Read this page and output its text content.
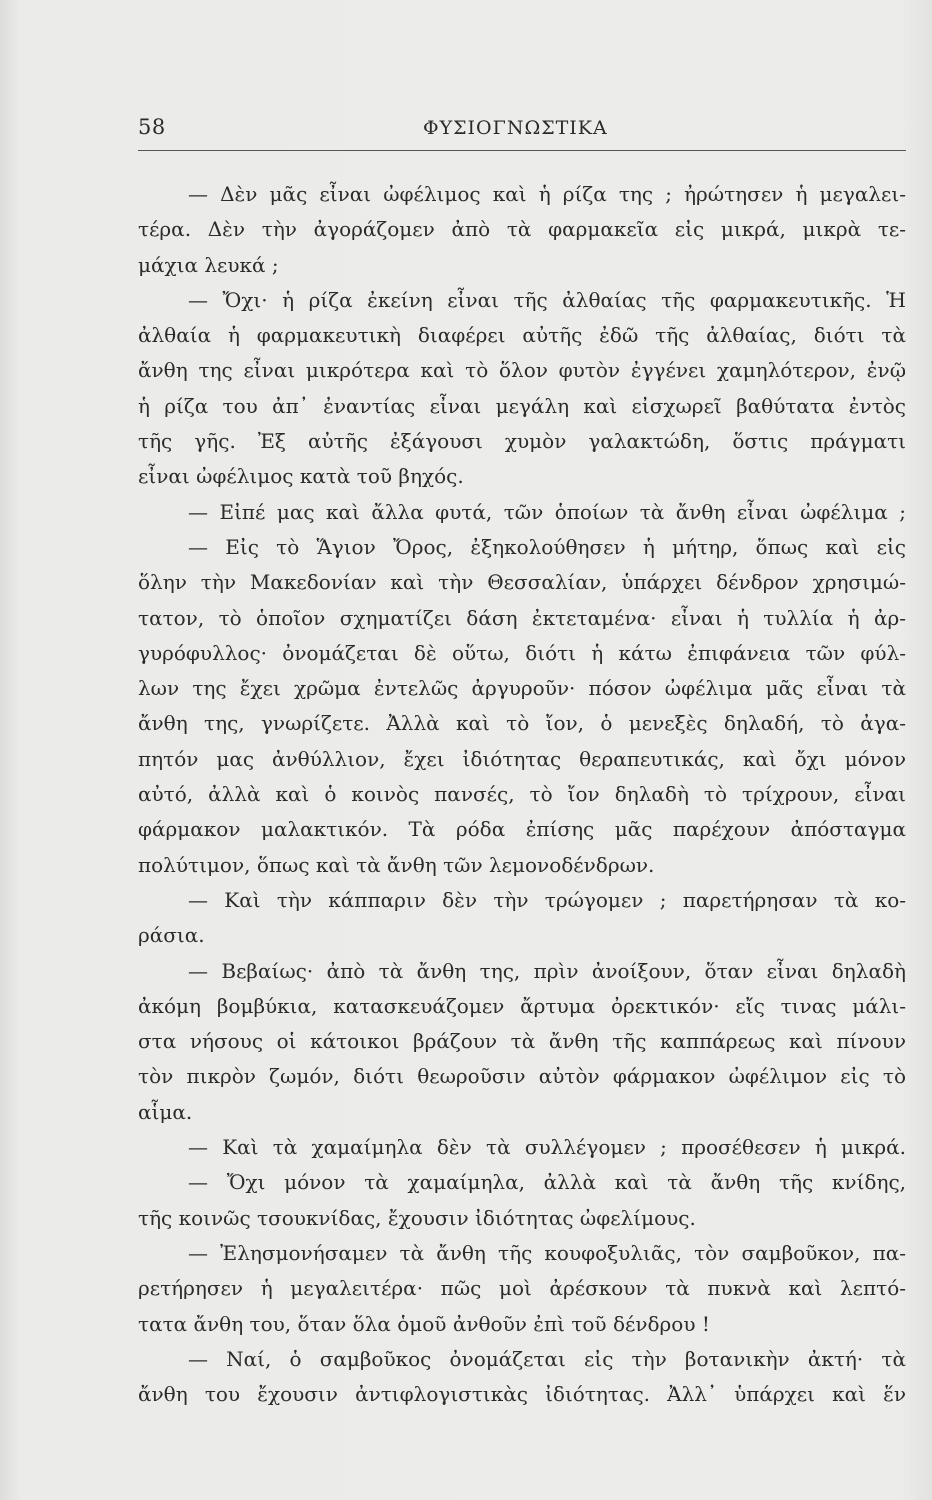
58	ΦΥΣΙΟΓΝΩΣΤΙΚΑ
— Δὲν μᾶς εἶναι ὠφέλιμος καὶ ἡ ρίζα της ; ἠρώτησεν ἡ μεγαλει-
τέρα. Δὲν τὴν ἀγοράζομεν ἀπὸ τὰ φαρμακεῖα εἰς μικρά, μικρὰ τε-
μάχια λευκά ;
— Ὄχι· ἡ ρίζα ἐκείνη εἶναι τῆς ἀλθαίας τῆς φαρμακευτικῆς. Ἡ
ἀλθαία ἡ φαρμακευτικὴ διαφέρει αὐτῆς ἐδῶ τῆς ἀλθαίας, διότι τὰ
ἄνθη της εἶναι μικρότερα καὶ τὸ ὅλον φυτὸν ἐγγένει χαμηλότερον, ἐνῷ
ἡ ρίζα του ἀπ᾽ ἐναντίας εἶναι μεγάλη καὶ εἰσχωρεῖ βαθύτατα ἐντὸς
τῆς γῆς. Ἐξ αὐτῆς ἐξάγουσι χυμὸν γαλακτώδη, ὅστις πράγματι
εἶναι ὠφέλιμος κατὰ τοῦ βηχός.
— Εἰπέ μας καὶ ἄλλα φυτά, τῶν ὁποίων τὰ ἄνθη εἶναι ὠφέλιμα ;
— Εἰς τὸ Ἅγιον Ὄρος, ἐξηκολούθησεν ἡ μήτηρ, ὅπως καὶ εἰς
ὅλην τὴν Μακεδονίαν καὶ τὴν Θεσσαλίαν, ὑπάρχει δένδρον χρησιμώ-
τατον, τὸ ὁποῖον σχηματίζει δάση ἐκτεταμένα· εἶναι ἡ τυλλία ἡ ἀρ-
γυρόφυλλος· ὀνομάζεται δὲ οὕτω, διότι ἡ κάτω ἐπιφάνεια τῶν φύλ-
λων της ἔχει χρῶμα ἐντελῶς ἀργυροῦν· πόσον ὠφέλιμα μᾶς εἶναι τὰ
ἄνθη της, γνωρίζετε. Ἀλλὰ καὶ τὸ ἴον, ὁ μενεξὲς δηλαδή, τὸ ἀγα-
πητόν μας ἀνθύλλιον, ἔχει ἰδιότητας θεραπευτικάς, καὶ ὄχι μόνον
αὐτό, ἀλλὰ καὶ ὁ κοινὸς πανσές, τὸ ἴον δηλαδὴ τὸ τρίχρουν, εἶναι
φάρμακον μαλακτικόν. Τὰ ρόδα ἐπίσης μᾶς παρέχουν ἀπόσταγμα
πολύτιμον, ὅπως καὶ τὰ ἄνθη τῶν λεμονοδένδρων.
— Καὶ τὴν κάππαριν δὲν τὴν τρώγομεν ; παρετήρησαν τὰ κο-
ράσια.
— Βεβαίως· ἀπὸ τὰ ἄνθη της, πρὶν ἀνοίξουν, ὅταν εἶναι δηλαδὴ
ἀκόμη βομβύκια, κατασκευάζομεν ἄρτυμα ὀρεκτικόν· εἴς τινας μάλι-
στα νήσους οἱ κάτοικοι βράζουν τὰ ἄνθη τῆς καππάρεως καὶ πίνουν
τὸν πικρὸν ζωμόν, διότι θεωροῦσιν αὐτὸν φάρμακον ὠφέλιμον εἰς τὸ
αἷμα.
— Καὶ τὰ χαμαίμηλα δὲν τὰ συλλέγομεν ; προσέθεσεν ἡ μικρά.
— Ὄχι μόνον τὰ χαμαίμηλα, ἀλλὰ καὶ τὰ ἄνθη τῆς κνίδης,
τῆς κοινῶς τσουκνίδας, ἔχουσιν ἰδιότητας ὠφελίμους.
— Ἐλησμονήσαμεν τὰ ἄνθη τῆς κουφοξυλιᾶς, τὸν σαμβοῦκον, πα-
ρετήρησεν ἡ μεγαλειτέρα· πῶς μοὶ ἀρέσκουν τὰ πυκνὰ καὶ λεπτό-
τατα ἄνθη του, ὅταν ὅλα ὁμοῦ ἀνθοῦν ἐπὶ τοῦ δένδρου !
— Ναί, ὁ σαμβοῦκος ὀνομάζεται εἰς τὴν βοτανικὴν ἀκτή· τὰ
ἄνθη του ἔχουσιν ἀντιφλογιστικὰς ἰδιότητας. Ἀλλ᾽ ὑπάρχει καὶ ἕν
